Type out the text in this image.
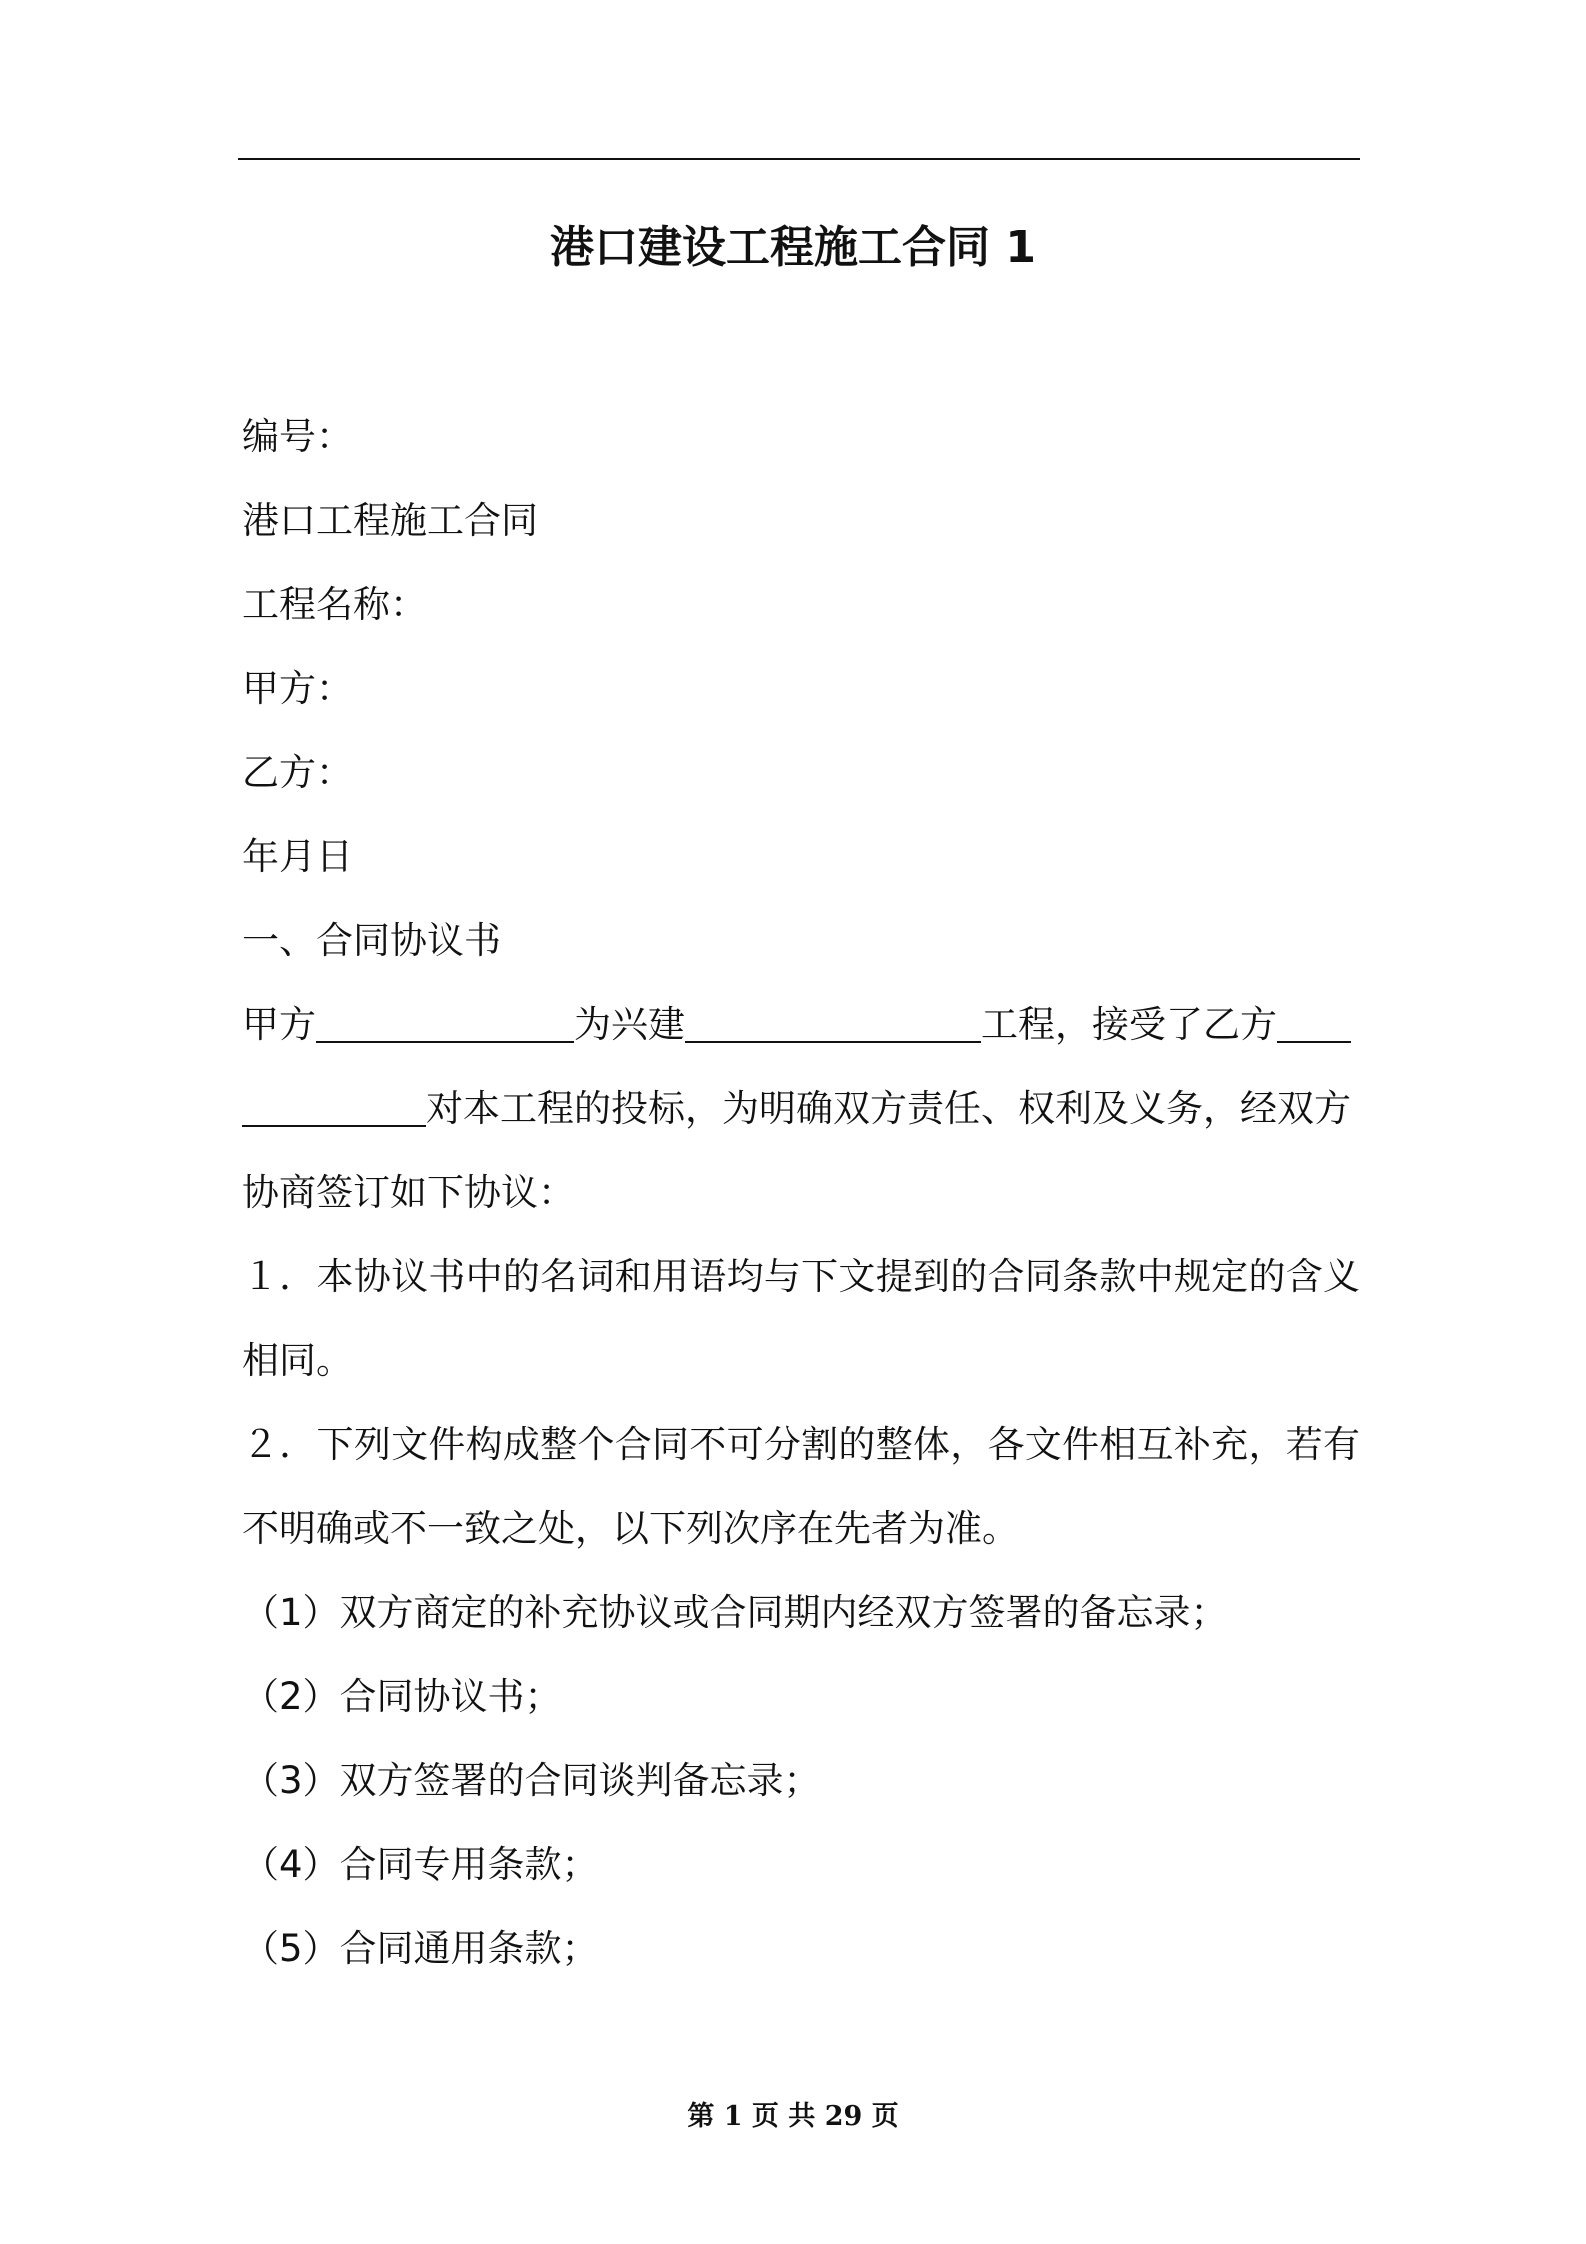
港口建设工程施工合同 1
编号：
港口工程施工合同
工程名称：
甲方：
乙方：
年月日
一、合同协议书
甲方	为兴建	工程，接受了乙方
对本工程的投标，为明确双方责任、权利及义务，经双方
协商签订如下协议：
１．本协议书中的名词和用语均与下文提到的合同条款中规定的含义
相同。
２．下列文件构成整个合同不可分割的整体，各文件相互补充，若有
不明确或不一致之处，以下列次序在先者为准。
（1）双方商定的补充协议或合同期内经双方签署的备忘录；
（2）合同协议书；
（3）双方签署的合同谈判备忘录；
（4）合同专用条款；
（5）合同通用条款；
第 1 页 共 29 页
